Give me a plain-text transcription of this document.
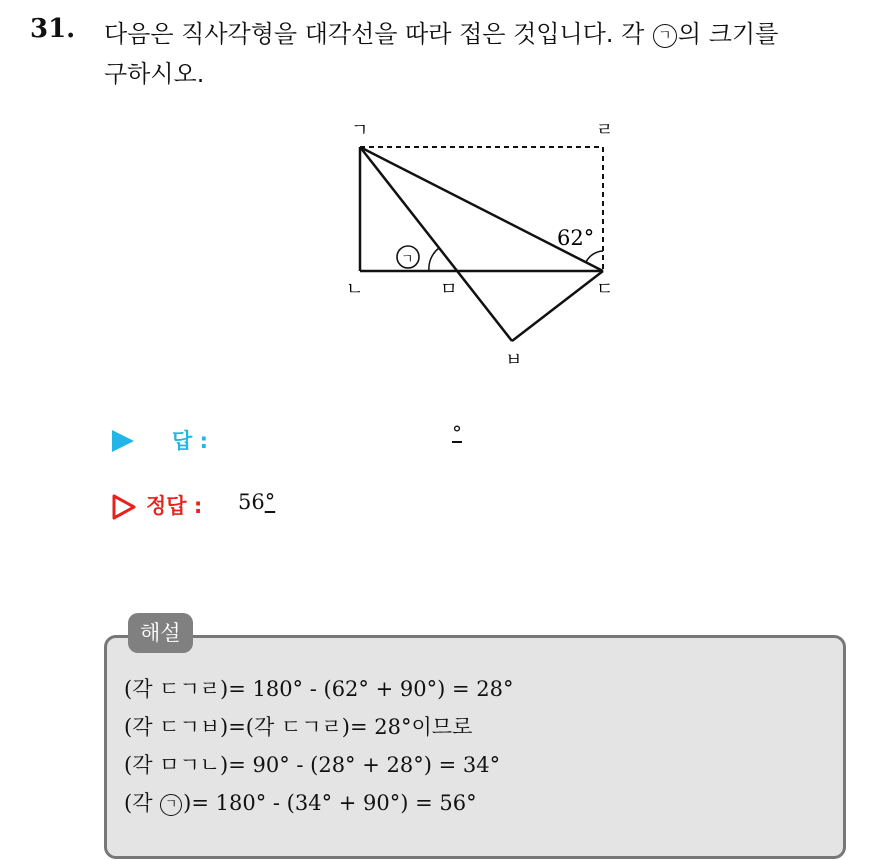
31. 다음은 직사각형을 대각선을 따라 접은 것입니다. 각 ㄱ 의 크기를
구하시오.
ㄱ	ㄹ
ㄴ	ㅁ	ㄷ
ㅂ
62°
ㄱ
답 :	°
정답 : 56°
해설
(각 ㄷㄱㄹ)= 180° - (62° + 90°) = 28°
(각 ㄷㄱㅂ)=(각 ㄷㄱㄹ)= 28°이므로
(각 ㅁㄱㄴ)= 90° - (28° + 28°) = 34°
(각 ㄱ )= 180° - (34° + 90°) = 56°
